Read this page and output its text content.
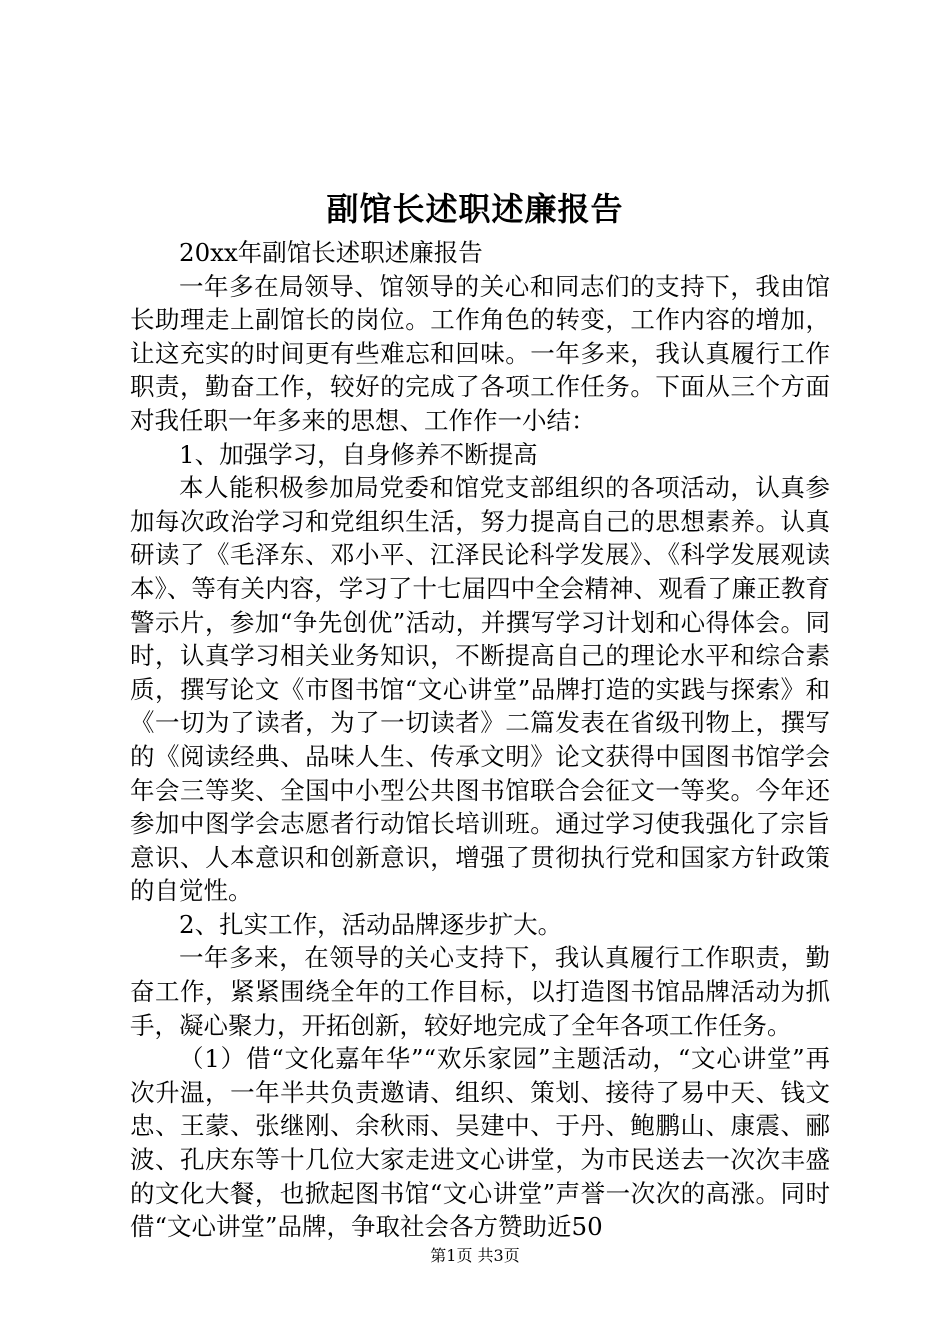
副馆长述职述廉报告

20xx年副馆长述职述廉报告

一年多在局领导、馆领导的关心和同志们的支持下，我由馆长助理走上副馆长的岗位。工作角色的转变，工作内容的增加，让这充实的时间更有些难忘和回味。一年多来，我认真履行工作职责，勤奋工作，较好的完成了各项工作任务。下面从三个方面对我任职一年多来的思想、工作作一小结：

1、加强学习，自身修养不断提高

本人能积极参加局党委和馆党支部组织的各项活动，认真参加每次政治学习和党组织生活，努力提高自己的思想素养。认真研读了《毛泽东、邓小平、江泽民论科学发展》、《科学发展观读本》、等有关内容，学习了十七届四中全会精神、观看了廉正教育警示片，参加“争先创优”活动，并撰写学习计划和心得体会。同时，认真学习相关业务知识，不断提高自己的理论水平和综合素质，撰写论文《市图书馆“文心讲堂”品牌打造的实践与探索》和《一切为了读者，为了一切读者》二篇发表在省级刊物上，撰写的《阅读经典、品味人生、传承文明》论文获得中国图书馆学会年会三等奖、全国中小型公共图书馆联合会征文一等奖。今年还参加中图学会志愿者行动馆长培训班。通过学习使我强化了宗旨意识、人本意识和创新意识，增强了贯彻执行党和国家方针政策的自觉性。

2、扎实工作，活动品牌逐步扩大。

一年多来，在领导的关心支持下，我认真履行工作职责，勤奋工作，紧紧围绕全年的工作目标，以打造图书馆品牌活动为抓手，凝心聚力，开拓创新，较好地完成了全年各项工作任务。

（1）借“文化嘉年华”“欢乐家园”主题活动，“文心讲堂”再次升温，一年半共负责邀请、组织、策划、接待了易中天、钱文忠、王蒙、张继刚、余秋雨、吴建中、于丹、鲍鹏山、康震、郦波、孔庆东等十几位大家走进文心讲堂，为市民送去一次次丰盛的文化大餐，也掀起图书馆“文心讲堂”声誉一次次的高涨。同时借“文心讲堂”品牌，争取社会各方赞助近50

第1页 共3页
